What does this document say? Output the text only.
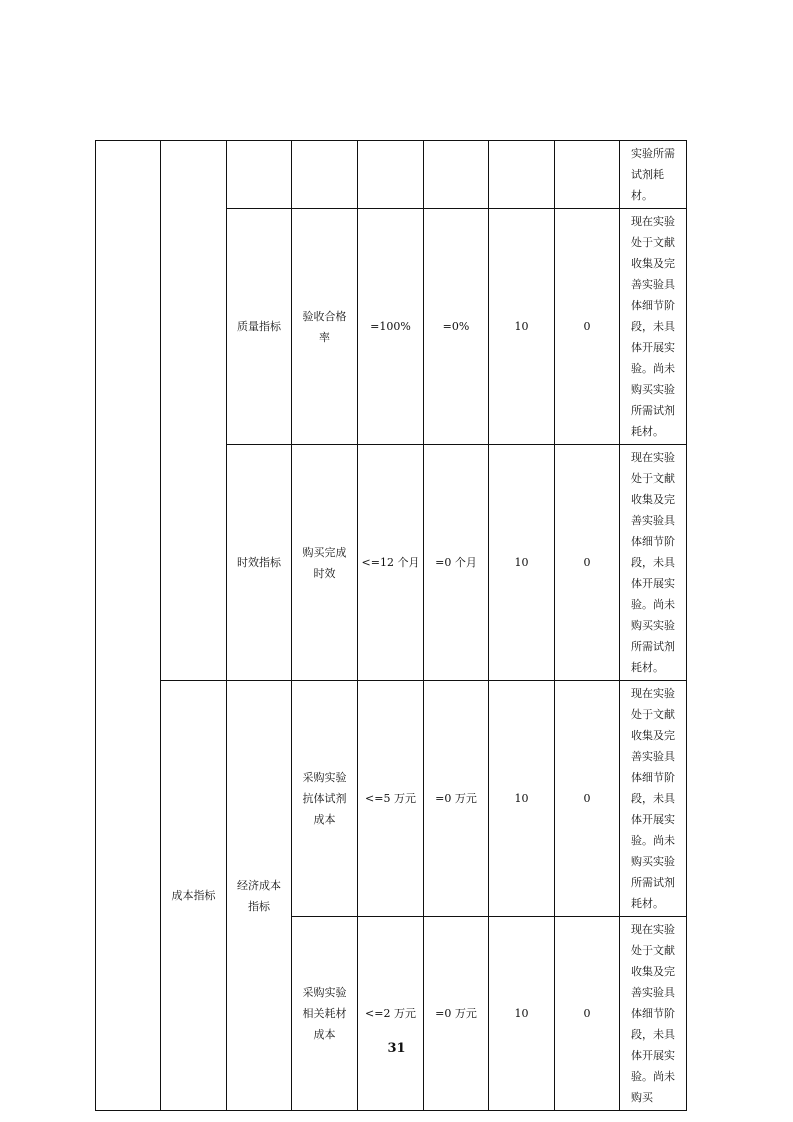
								实验所需试剂耗材。
		质量指标	验收合格率	=100%	=0%	10	0	现在实验处于文献收集及完善实验具体细节阶段，未具体开展实验。尚未购买实验所需试剂耗材。
		时效指标	购买完成时效	<=12 个月	=0 个月	10	0	现在实验处于文献收集及完善实验具体细节阶段，未具体开展实验。尚未购买实验所需试剂耗材。
	成本指标	经济成本指标	采购实验抗体试剂成本	<=5 万元	=0 万元	10	0	现在实验处于文献收集及完善实验具体细节阶段，未具体开展实验。尚未购买实验所需试剂耗材。
			采购实验相关耗材成本	<=2 万元	=0 万元	10	0	现在实验处于文献收集及完善实验具体细节阶段，未具体开展实验。尚未购买
31
